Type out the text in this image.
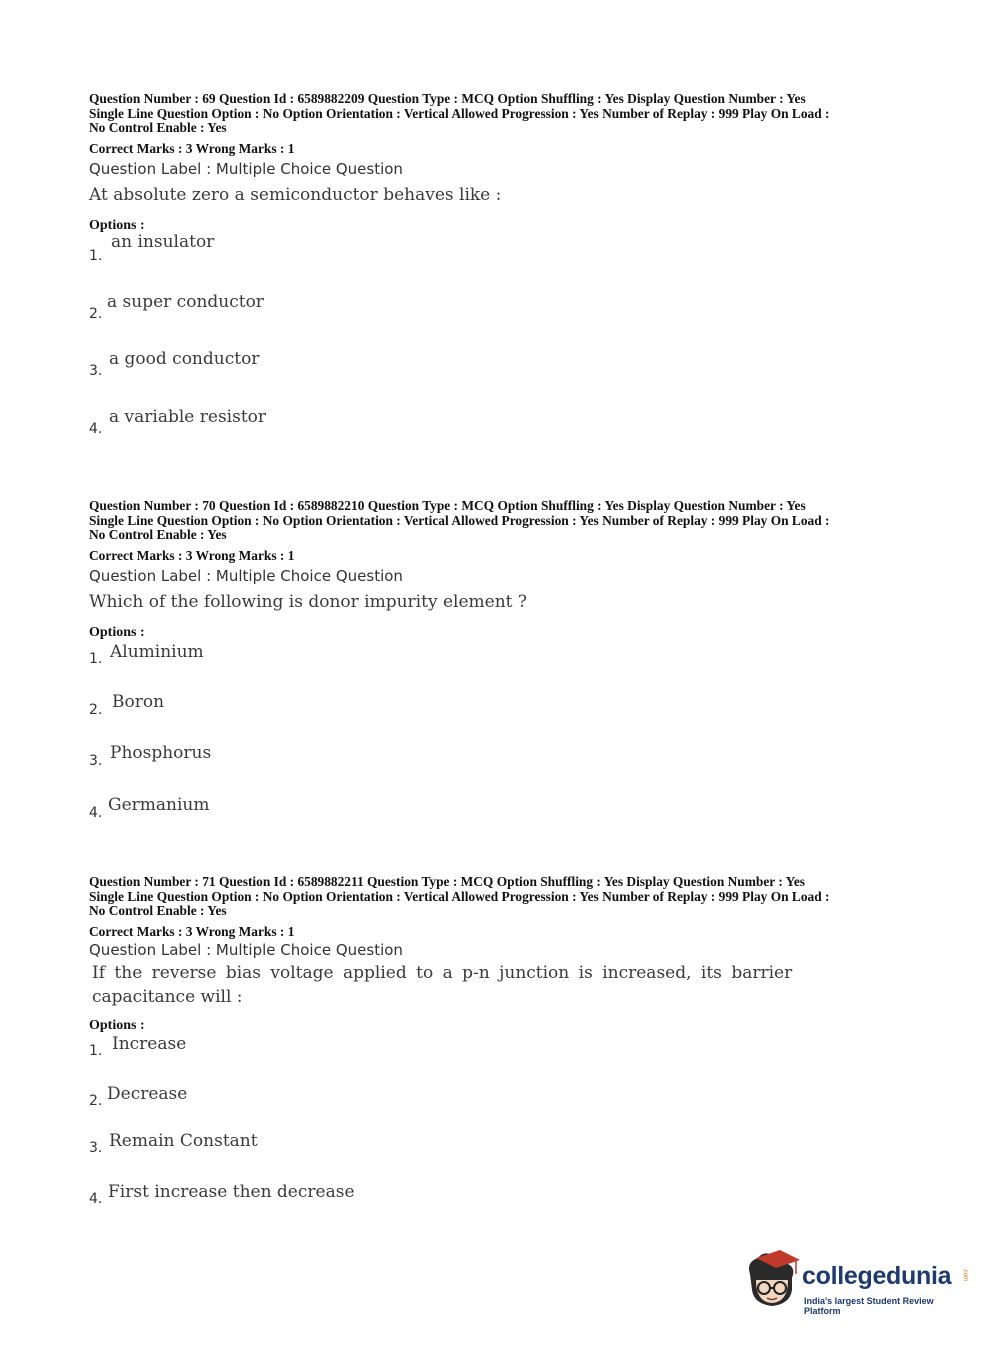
Question Number : 69 Question Id : 6589882209 Question Type : MCQ Option Shuffling : Yes Display Question Number : Yes
Single Line Question Option : No Option Orientation : Vertical Allowed Progression : Yes Number of Replay : 999 Play On Load :
No Control Enable : Yes
Correct Marks : 3 Wrong Marks : 1
Question Label : Multiple Choice Question
At absolute zero a semiconductor behaves like :
Options :
1.
an insulator
2.
a super conductor
3.
a good conductor
4.
a variable resistor
Question Number : 70 Question Id : 6589882210 Question Type : MCQ Option Shuffling : Yes Display Question Number : Yes
Single Line Question Option : No Option Orientation : Vertical Allowed Progression : Yes Number of Replay : 999 Play On Load :
No Control Enable : Yes
Correct Marks : 3 Wrong Marks : 1
Question Label : Multiple Choice Question
Which of the following is donor impurity element ?
Options :
1. Aluminium
2. Boron
3. Phosphorus
4. Germanium
Question Number : 71 Question Id : 6589882211 Question Type : MCQ Option Shuffling : Yes Display Question Number : Yes
Single Line Question Option : No Option Orientation : Vertical Allowed Progression : Yes Number of Replay : 999 Play On Load :
No Control Enable : Yes
Correct Marks : 3 Wrong Marks : 1
Question Label : Multiple Choice Question
If the reverse bias voltage applied to a p-n junction is increased, its barrier
capacitance will :
Options :
1. Increase
2. Decrease
3. Remain Constant
4. First increase then decrease
collegedunia .com
India's largest Student Review Platform
